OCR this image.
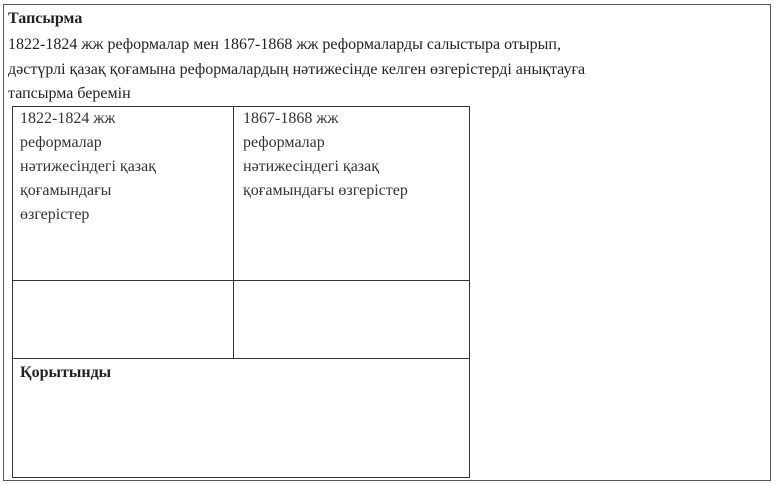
Тапсырма
1822-1824 жж реформалар мен 1867-1868 жж реформаларды салыстыра отырып,
дәстүрлі қазақ қоғамына реформалардың нәтижесінде келген өзгерістерді анықтауға
тапсырма беремін
1822-1824 жж
реформалар
нәтижесіндегі қазақ
қоғамындағы
өзгерістер
1867-1868 жж
реформалар
нәтижесіндегі қазақ
қоғамындағы өзгерістер
Қорытынды
